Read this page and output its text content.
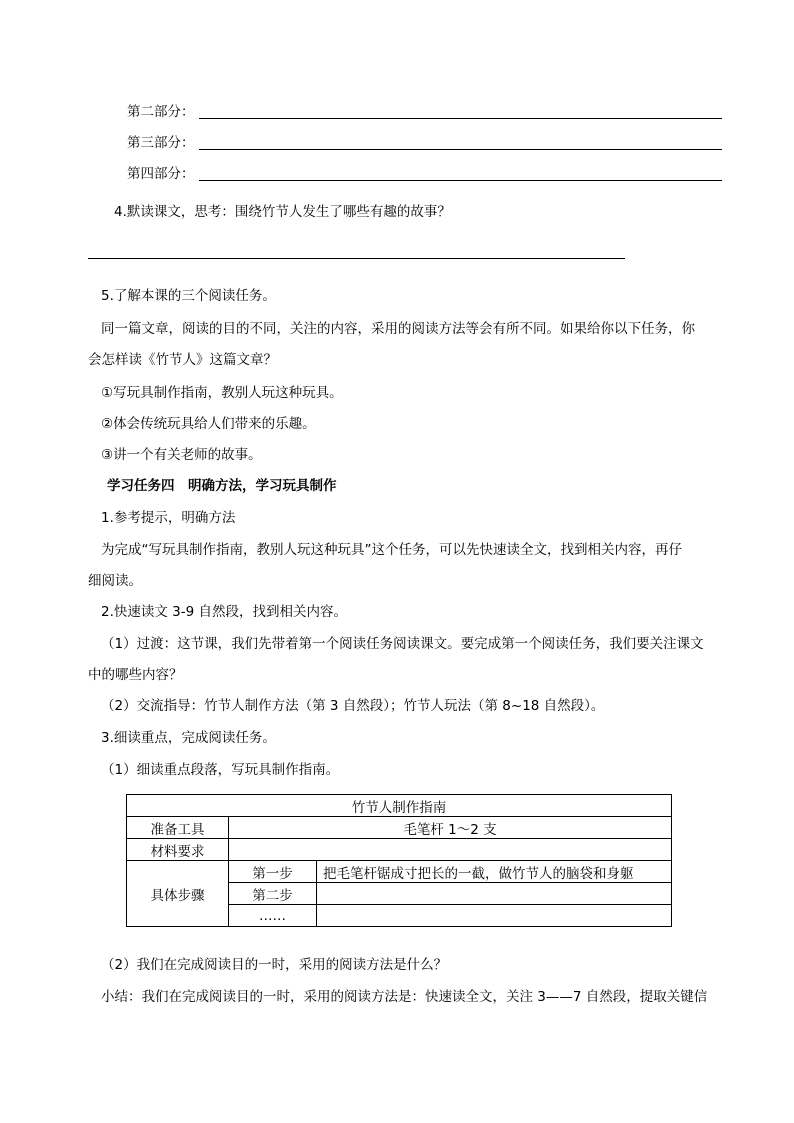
第二部分：
第三部分：
第四部分：
4.默读课文，思考：围绕竹节人发生了哪些有趣的故事？
5.了解本课的三个阅读任务。
同一篇文章，阅读的目的不同，关注的内容，采用的阅读方法等会有所不同。如果给你以下任务，你
会怎样读《竹节人》这篇文章？
①写玩具制作指南，教别人玩这种玩具。
②体会传统玩具给人们带来的乐趣。
③讲一个有关老师的故事。
学习任务四　明确方法，学习玩具制作
1.参考提示，明确方法
为完成“写玩具制作指南，教别人玩这种玩具”这个任务，可以先快速读全文，找到相关内容，再仔
细阅读。
2.快速读文 3-9 自然段，找到相关内容。
（1）过渡：这节课，我们先带着第一个阅读任务阅读课文。要完成第一个阅读任务，我们要关注课文
中的哪些内容？
（2）交流指导：竹节人制作方法（第 3 自然段）；竹节人玩法（第 8~18 自然段）。
3.细读重点，完成阅读任务。
（1）细读重点段落，写玩具制作指南。
竹节人制作指南		
准备工具	毛笔杆 1～2 支	
材料要求		
具体步骤	第一步	把毛笔杆锯成寸把长的一截，做竹节人的脑袋和身躯
	第二步	
	……	
（2）我们在完成阅读目的一时，采用的阅读方法是什么？
小结：我们在完成阅读目的一时，采用的阅读方法是：快速读全文，关注 3——7 自然段，提取关键信
